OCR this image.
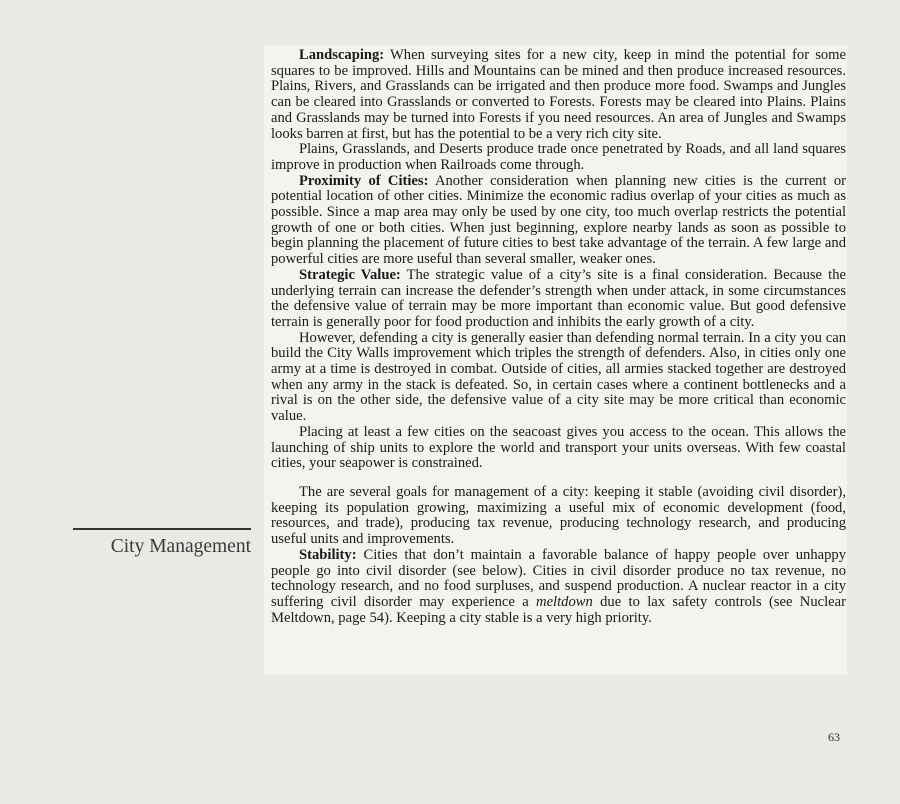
Landscaping: When surveying sites for a new city, keep in mind the potential for some squares to be improved. Hills and Mountains can be mined and then produce increased resources. Plains, Rivers, and Grasslands can be irrigated and then produce more food. Swamps and Jungles can be cleared into Grasslands or converted to Forests. Forests may be cleared into Plains. Plains and Grasslands may be turned into Forests if you need resources. An area of Jungles and Swamps looks barren at first, but has the potential to be a very rich city site.

Plains, Grasslands, and Deserts produce trade once penetrated by Roads, and all land squares improve in production when Railroads come through.

Proximity of Cities: Another consideration when planning new cities is the current or potential location of other cities. Minimize the economic radius overlap of your cities as much as possible. Since a map area may only be used by one city, too much overlap restricts the potential growth of one or both cities. When just beginning, explore nearby lands as soon as possible to begin planning the placement of future cities to best take advantage of the terrain. A few large and powerful cities are more useful than several smaller, weaker ones.

Strategic Value: The strategic value of a city’s site is a final consideration. Because the underlying terrain can increase the defender’s strength when under attack, in some circumstances the defensive value of terrain may be more important than economic value. But good defensive terrain is generally poor for food production and inhibits the early growth of a city.

However, defending a city is generally easier than defending normal terrain. In a city you can build the City Walls improvement which triples the strength of defenders. Also, in cities only one army at a time is destroyed in combat. Outside of cities, all armies stacked together are destroyed when any army in the stack is defeated. So, in certain cases where a continent bottlenecks and a rival is on the other side, the defensive value of a city site may be more critical than economic value.

Placing at least a few cities on the seacoast gives you access to the ocean. This allows the launching of ship units to explore the world and transport your units overseas. With few coastal cities, your seapower is constrained.

The are several goals for management of a city: keeping it stable (avoiding civil disorder), keeping its population growing, maximizing a useful mix of economic development (food, resources, and trade), producing tax revenue, producing technology research, and producing useful units and improvements.

Stability: Cities that don’t maintain a favorable balance of happy people over unhappy people go into civil disorder (see below). Cities in civil disorder produce no tax revenue, no technology research, and no food surpluses, and suspend production. A nuclear reactor in a city suffering civil disorder may experience a meltdown due to lax safety controls (see Nuclear Meltdown, page 54). Keeping a city stable is a very high priority.

City Management
63
